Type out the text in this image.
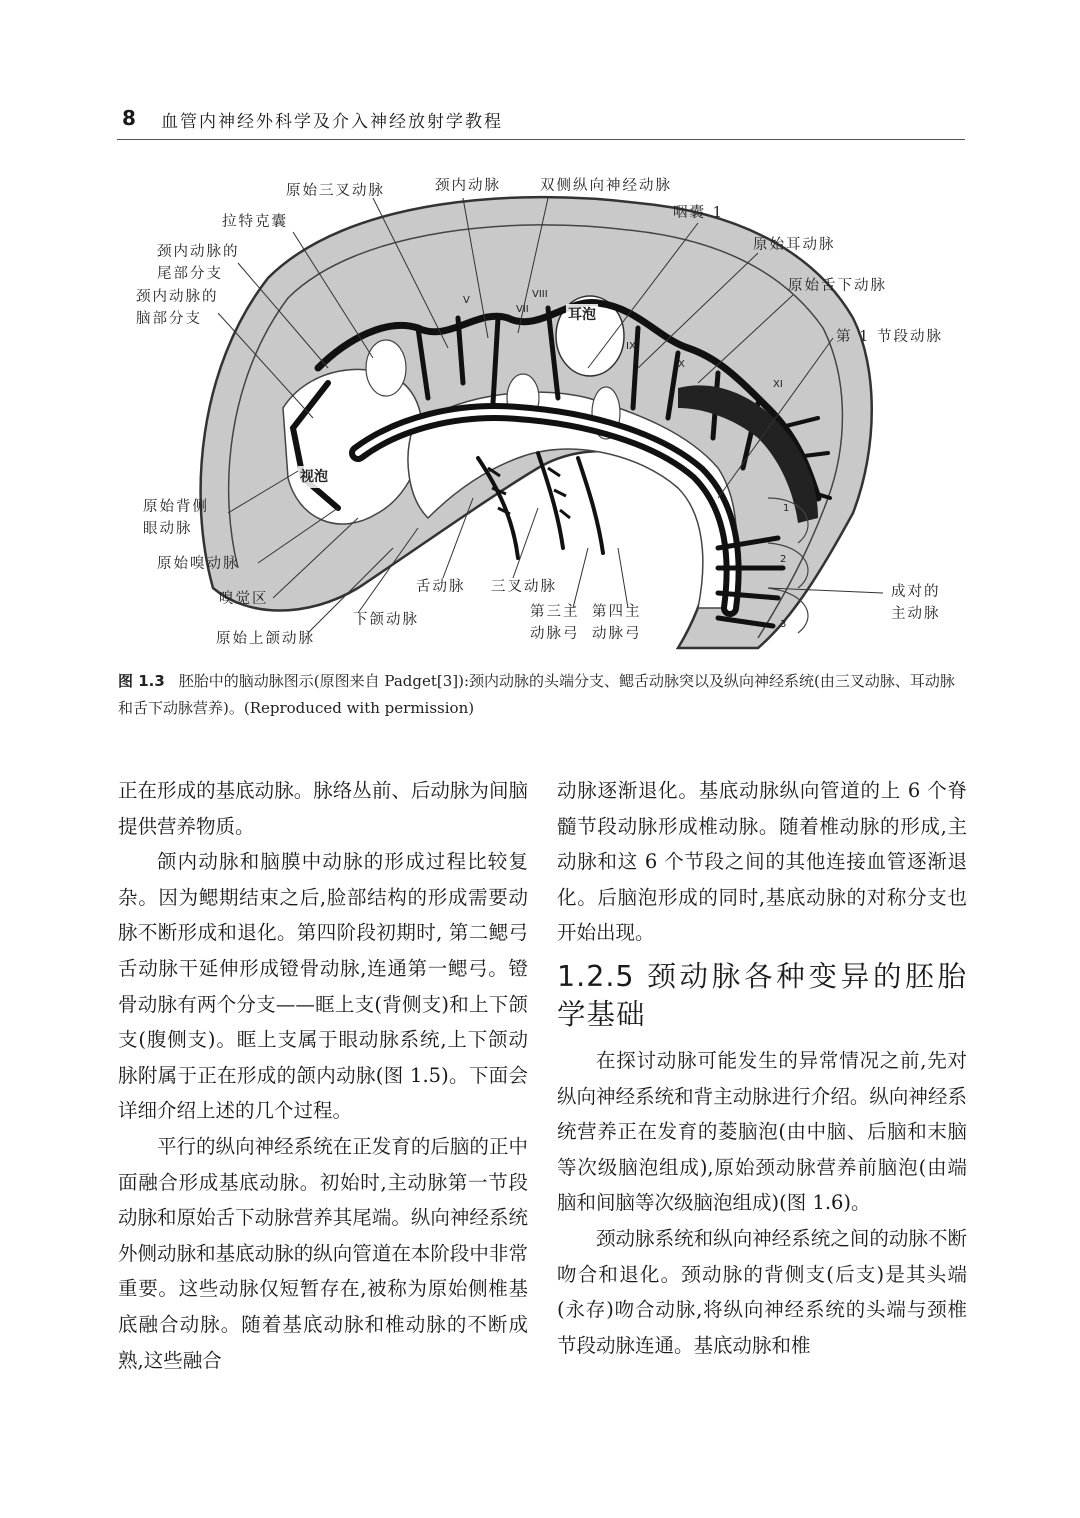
8 血管内神经外科学及介入神经放射学教程
原始三叉动脉	颈内动脉	双侧纵向神经动脉
咽囊 1
拉特克囊
颈内动脉的
尾部分支
颈内动脉的
脑部分支
原始耳动脉
原始舌下动脉
第 1 节段动脉
视泡
耳泡
原始背侧
眼动脉
原始嗅动脉
嗅觉区
原始上颌动脉
下颌动脉
舌动脉 三叉动脉
第三主
动脉弓
第四主
动脉弓
成对的
主动脉
V
VII
VIII
IX
X
XI
XII
1
2
3
图 1.3 胚胎中的脑动脉图示(原图来自 Padget[3]):颈内动脉的头端分支、鳃舌动脉突以及纵向神经系统(由三叉动脉、耳动脉和舌下动脉营养)。(Reproduced with permission)

正在形成的基底动脉。脉络丛前、后动脉为间脑提供营养物质。

颌内动脉和脑膜中动脉的形成过程比较复杂。因为鳃期结束之后,脸部结构的形成需要动脉不断形成和退化。第四阶段初期时, 第二鳃弓舌动脉干延伸形成镫骨动脉,连通第一鳃弓。镫骨动脉有两个分支——眶上支(背侧支)和上下颌支(腹侧支)。眶上支属于眼动脉系统,上下颌动脉附属于正在形成的颌内动脉(图 1.5)。下面会详细介绍上述的几个过程。

平行的纵向神经系统在正发育的后脑的正中面融合形成基底动脉。初始时,主动脉第一节段动脉和原始舌下动脉营养其尾端。纵向神经系统外侧动脉和基底动脉的纵向管道在本阶段中非常重要。这些动脉仅短暂存在,被称为原始侧椎基底融合动脉。随着基底动脉和椎动脉的不断成熟,这些融合

动脉逐渐退化。基底动脉纵向管道的上 6 个脊髓节段动脉形成椎动脉。随着椎动脉的形成,主动脉和这 6 个节段之间的其他连接血管逐渐退化。后脑泡形成的同时,基底动脉的对称分支也开始出现。

1.2.5 颈动脉各种变异的胚胎学基础

在探讨动脉可能发生的异常情况之前,先对纵向神经系统和背主动脉进行介绍。纵向神经系统营养正在发育的菱脑泡(由中脑、后脑和末脑等次级脑泡组成),原始颈动脉营养前脑泡(由端脑和间脑等次级脑泡组成)(图 1.6)。

颈动脉系统和纵向神经系统之间的动脉不断吻合和退化。颈动脉的背侧支(后支)是其头端(永存)吻合动脉,将纵向神经系统的头端与颈椎节段动脉连通。基底动脉和椎
